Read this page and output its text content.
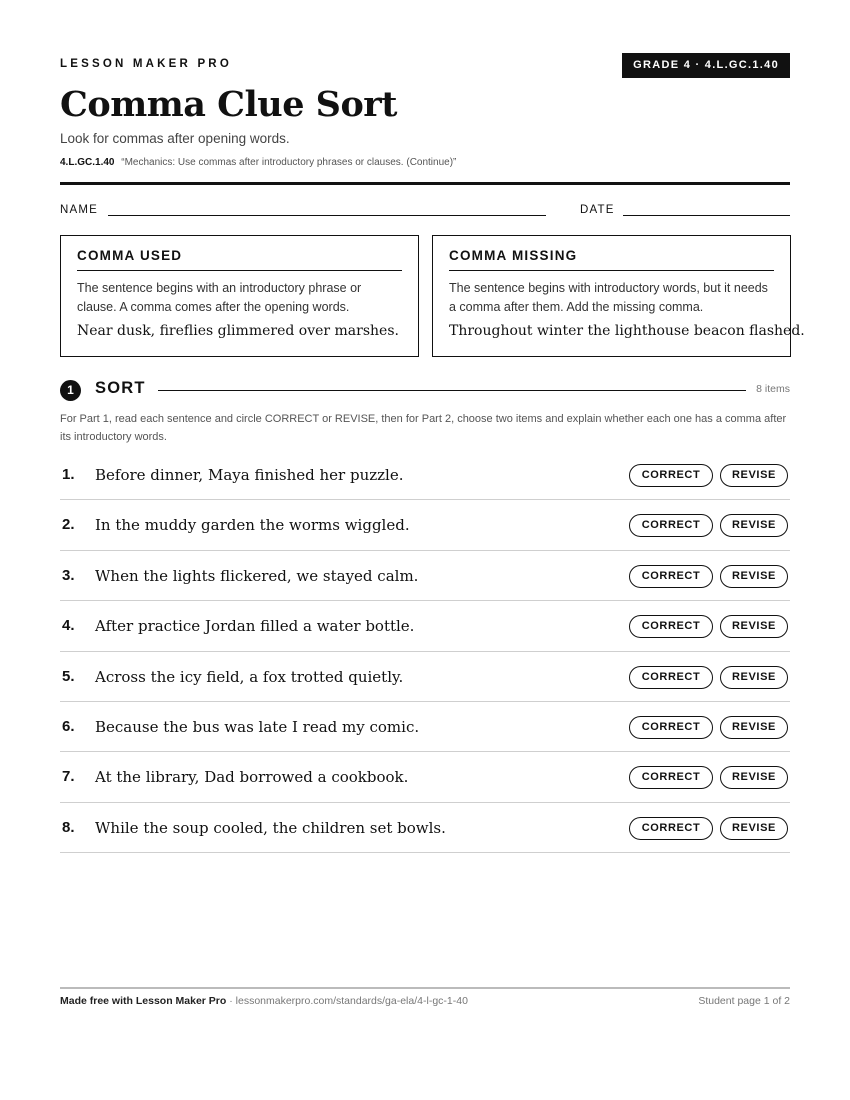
LESSON MAKER PRO	GRADE 4 · 4.L.GC.1.40
Comma Clue Sort
Look for commas after opening words.
4.L.GC.1.40 “Mechanics: Use commas after introductory phrases or clauses. (Continue)”
NAME	DATE
COMMA USED
The sentence begins with an introductory phrase or clause. A comma comes after the opening words.
Near dusk, fireflies glimmered over marshes.
COMMA MISSING
The sentence begins with introductory words, but it needs a comma after them. Add the missing comma.
Throughout winter the lighthouse beacon flashed.
1	SORT	8 items
For Part 1, read each sentence and circle CORRECT or REVISE, then for Part 2, choose two items and explain whether each one has a comma after its introductory words.
1. Before dinner, Maya finished her puzzle.	CORRECT	REVISE
2. In the muddy garden the worms wiggled.	CORRECT	REVISE
3. When the lights flickered, we stayed calm.	CORRECT	REVISE
4. After practice Jordan filled a water bottle.	CORRECT	REVISE
5. Across the icy field, a fox trotted quietly.	CORRECT	REVISE
6. Because the bus was late I read my comic.	CORRECT	REVISE
7. At the library, Dad borrowed a cookbook.	CORRECT	REVISE
8. While the soup cooled, the children set bowls.	CORRECT	REVISE
Made free with Lesson Maker Pro · lessonmakerpro.com/standards/ga-ela/4-l-gc-1-40	Student page 1 of 2
